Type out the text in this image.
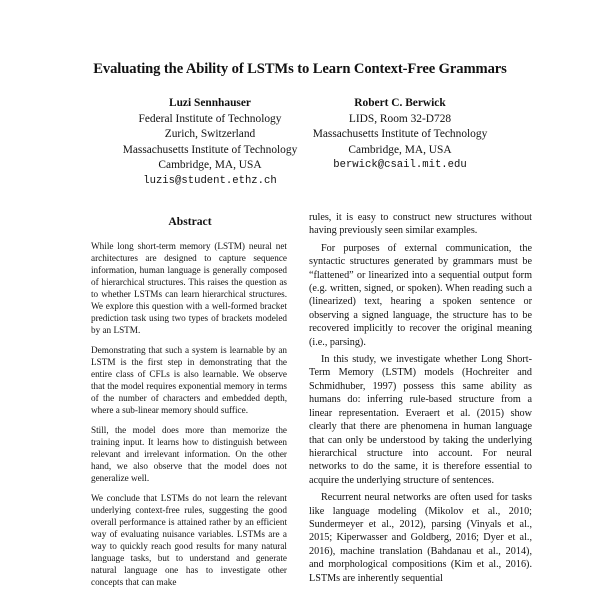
Evaluating the Ability of LSTMs to Learn Context-Free Grammars
Luzi Sennhauser
Federal Institute of Technology
Zurich, Switzerland
Massachusetts Institute of Technology
Cambridge, MA, USA
luzis@student.ethz.ch
Robert C. Berwick
LIDS, Room 32-D728
Massachusetts Institute of Technology
Cambridge, MA, USA
berwick@csail.mit.edu
Abstract

While long short-term memory (LSTM) neural net architectures are designed to capture sequence information, human language is generally composed of hierarchical structures. This raises the question as to whether LSTMs can learn hierarchical structures. We explore this question with a well-formed bracket prediction task using two types of brackets modeled by an LSTM.

Demonstrating that such a system is learnable by an LSTM is the first step in demonstrating that the entire class of CFLs is also learnable. We observe that the model requires exponential memory in terms of the number of characters and embedded depth, where a sub-linear memory should suffice.

Still, the model does more than memorize the training input. It learns how to distinguish between relevant and irrelevant information. On the other hand, we also observe that the model does not generalize well.

We conclude that LSTMs do not learn the relevant underlying context-free rules, suggesting the good overall performance is attained rather by an efficient way of evaluating nuisance variables. LSTMs are a way to quickly reach good results for many natural language tasks, but to understand and generate natural language one has to investigate other concepts that can make

rules, it is easy to construct new structures without having previously seen similar examples.

For purposes of external communication, the syntactic structures generated by grammars must be “flattened” or linearized into a sequential output form (e.g. written, signed, or spoken). When reading such a (linearized) text, hearing a spoken sentence or observing a signed language, the structure has to be recovered implicitly to recover the original meaning (i.e., parsing).

In this study, we investigate whether Long Short-Term Memory (LSTM) models (Hochreiter and Schmidhuber, 1997) possess this same ability as humans do: inferring rule-based structure from a linear representation. Everaert et al. (2015) show clearly that there are phenomena in human language that can only be understood by taking the underlying hierarchical structure into account. For neural networks to do the same, it is therefore essential to acquire the underlying structure of sentences.

Recurrent neural networks are often used for tasks like language modeling (Mikolov et al., 2010; Sundermeyer et al., 2012), parsing (Vinyals et al., 2015; Kiperwasser and Goldberg, 2016; Dyer et al., 2016), machine translation (Bahdanau et al., 2014), and morphological compositions (Kim et al., 2016). LSTMs are inherently sequential
